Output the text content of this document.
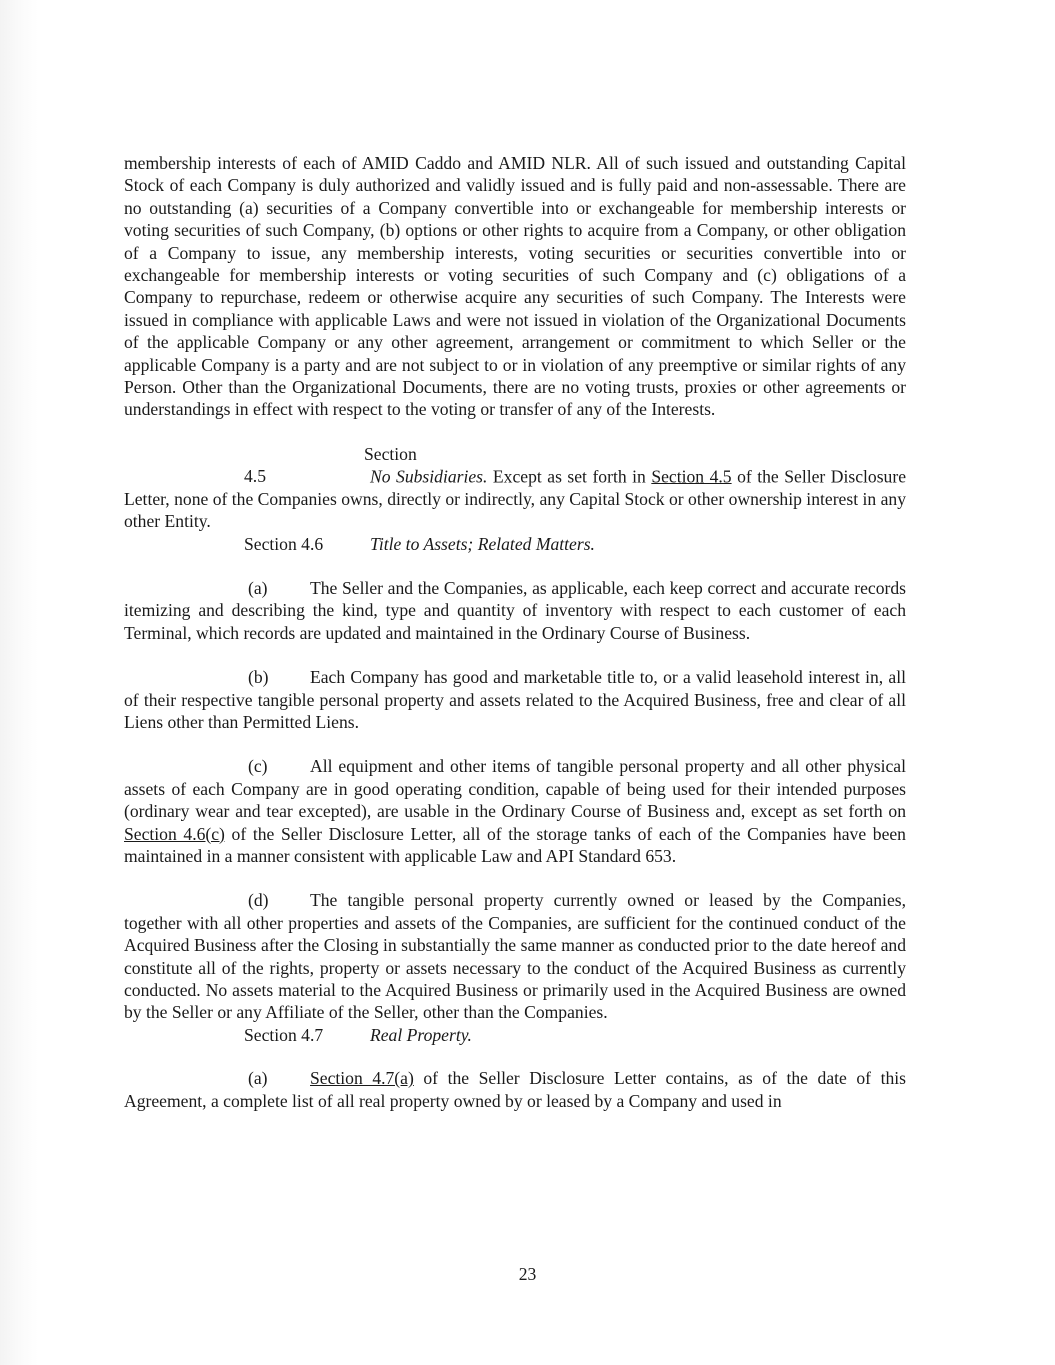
membership interests of each of AMID Caddo and AMID NLR. All of such issued and outstanding Capital Stock of each Company is duly authorized and validly issued and is fully paid and non-assessable. There are no outstanding (a) securities of a Company convertible into or exchangeable for membership interests or voting securities of such Company, (b) options or other rights to acquire from a Company, or other obligation of a Company to issue, any membership interests, voting securities or securities convertible into or exchangeable for membership interests or voting securities of such Company and (c) obligations of a Company to repurchase, redeem or otherwise acquire any securities of such Company. The Interests were issued in compliance with applicable Laws and were not issued in violation of the Organizational Documents of the applicable Company or any other agreement, arrangement or commitment to which Seller or the applicable Company is a party and are not subject to or in violation of any preemptive or similar rights of any Person. Other than the Organizational Documents, there are no voting trusts, proxies or other agreements or understandings in effect with respect to the voting or transfer of any of the Interests.

Section 4.5	No Subsidiaries. Except as set forth in Section 4.5 of the Seller Disclosure Letter, none of the Companies owns, directly or indirectly, any Capital Stock or other ownership interest in any other Entity.

Section 4.6	Title to Assets; Related Matters.

(a) The Seller and the Companies, as applicable, each keep correct and accurate records itemizing and describing the kind, type and quantity of inventory with respect to each customer of each Terminal, which records are updated and maintained in the Ordinary Course of Business.

(b) Each Company has good and marketable title to, or a valid leasehold interest in, all of their respective tangible personal property and assets related to the Acquired Business, free and clear of all Liens other than Permitted Liens.

(c) All equipment and other items of tangible personal property and all other physical assets of each Company are in good operating condition, capable of being used for their intended purposes (ordinary wear and tear excepted), are usable in the Ordinary Course of Business and, except as set forth on Section 4.6(c) of the Seller Disclosure Letter, all of the storage tanks of each of the Companies have been maintained in a manner consistent with applicable Law and API Standard 653.

(d) The tangible personal property currently owned or leased by the Companies, together with all other properties and assets of the Companies, are sufficient for the continued conduct of the Acquired Business after the Closing in substantially the same manner as conducted prior to the date hereof and constitute all of the rights, property or assets necessary to the conduct of the Acquired Business as currently conducted. No assets material to the Acquired Business or primarily used in the Acquired Business are owned by the Seller or any Affiliate of the Seller, other than the Companies.

Section 4.7	Real Property.

(a) Section 4.7(a) of the Seller Disclosure Letter contains, as of the date of this Agreement, a complete list of all real property owned by or leased by a Company and used in

23
